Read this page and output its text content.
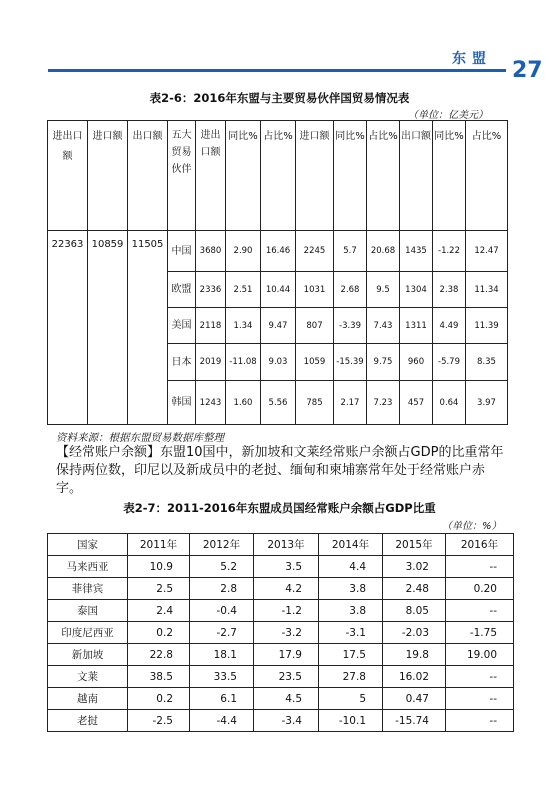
东盟 27
表2-6：2016年东盟与主要贸易伙伴国贸易情况表
（单位：亿美元）
进出口额	进口额	出口额	五大贸易伙伴	进出口额	同比%	占比%	进口额	同比%	占比%	出口额	同比%	占比%
22363	10859	11505	中国	3680	2.90	16.46	2245	5.7	20.68	1435	-1.22	12.47
			欧盟	2336	2.51	10.44	1031	2.68	9.5	1304	2.38	11.34
			美国	2118	1.34	9.47	807	-3.39	7.43	1311	4.49	11.39
			日本	2019	-11.08	9.03	1059	-15.39	9.75	960	-5.79	8.35
			韩国	1243	1.60	5.56	785	2.17	7.23	457	0.64	3.97
资料来源：根据东盟贸易数据库整理
【经常账户余额】东盟10国中，新加坡和文莱经常账户余额占GDP的比重常年保持两位数，印尼以及新成员中的老挝、缅甸和柬埔寨常年处于经常账户赤字。
表2-7：2011-2016年东盟成员国经常账户余额占GDP比重
（单位：%）
国家	2011年	2012年	2013年	2014年	2015年	2016年
马来西亚	10.9	5.2	3.5	4.4	3.02	--
菲律宾	2.5	2.8	4.2	3.8	2.48	0.20
泰国	2.4	-0.4	-1.2	3.8	8.05	--
印度尼西亚	0.2	-2.7	-3.2	-3.1	-2.03	-1.75
新加坡	22.8	18.1	17.9	17.5	19.8	19.00
文莱	38.5	33.5	23.5	27.8	16.02	--
越南	0.2	6.1	4.5	5	0.47	--
老挝	-2.5	-4.4	-3.4	-10.1	-15.74	--
